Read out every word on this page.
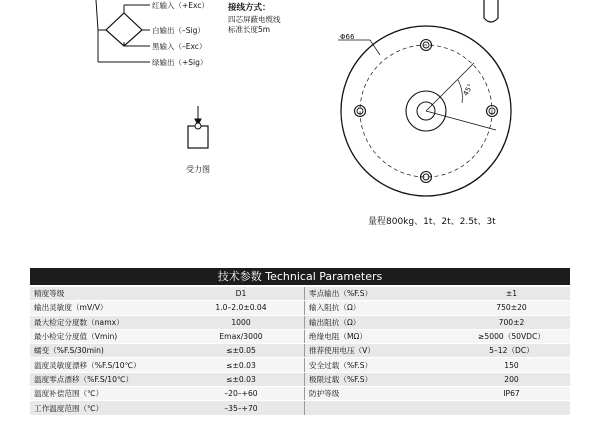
红输入（+Exc）
白输出（–Sig）
黑输入（–Exc）
绿输出（+Sig）
接线方式：
四芯屏蔽电缆线
标准长度5m
受力图
Φ66
45°
量程800kg、1t、2t、2.5t、3t
技术参数 Technical Parameters
精度等级	D1	零点输出（%F.S）	±1
输出灵敏度（mV/V）	1.0–2.0±0.04	输入阻抗（Ω）	750±20
最大检定分度数（namx）	1000	输出阻抗（Ω）	700±2
最小检定分度值（Vmin)	Emax/3000	绝缘电阻（MΩ）	≥5000（50VDC）
蠕变（%F.S/30min)	≤±0.05	推荐使用电压（V）	5–12（DC）
温度灵敏度漂移（%F.S/10℃）	≤±0.03	安全过载（%F.S）	150
温度零点漂移（%F.S/10℃）	≤±0.03	极限过载（%F.S）	200
温度补偿范围（℃）	–20–+60	防护等级	IP67
工作温度范围（℃）	–35–+70		
